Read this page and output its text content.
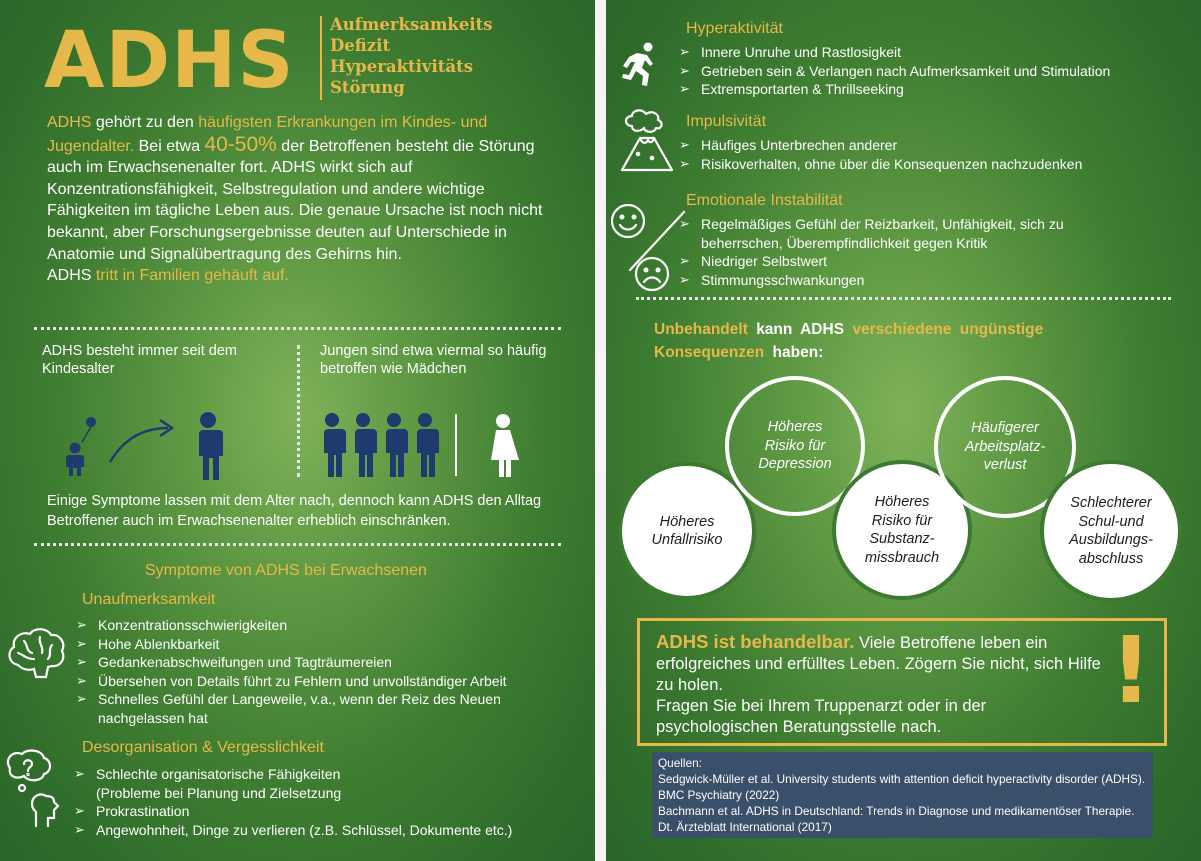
ADHS Aufmerksamkeits
Defizit
Hyperaktivitäts
Störung
ADHS gehört zu den häufigsten Erkrankungen im Kindes- und Jugendalter. Bei etwa 40-50% der Betroffenen besteht die Störung auch im Erwachsenenalter fort. ADHS wirkt sich auf Konzentrationsfähigkeit, Selbstregulation und andere wichtige Fähigkeiten im tägliche Leben aus. Die genaue Ursache ist noch nicht bekannt, aber Forschungsergebnisse deuten auf Unterschiede in Anatomie und Signalübertragung des Gehirns hin.
ADHS tritt in Familien gehäuft auf.
ADHS besteht immer seit dem Kindesalter
Jungen sind etwa viermal so häufig betroffen wie Mädchen
Einige Symptome lassen mit dem Alter nach, dennoch kann ADHS den Alltag Betroffener auch im Erwachsenenalter erheblich einschränken.
Symptome von ADHS bei Erwachsenen
Unaufmerksamkeit
➢ Konzentrationsschwierigkeiten
➢ Hohe Ablenkbarkeit
➢ Gedankenabschweifungen und Tagträumereien
➢ Übersehen von Details führt zu Fehlern und unvollständiger Arbeit
➢ Schnelles Gefühl der Langeweile, v.a., wenn der Reiz des Neuen nachgelassen hat
Desorganisation & Vergesslichkeit
➢ Schlechte organisatorische Fähigkeiten (Probleme bei Planung und Zielsetzung
➢ Prokrastination
➢ Angewohnheit, Dinge zu verlieren (z.B. Schlüssel, Dokumente etc.)
Hyperaktivität
➢ Innere Unruhe und Rastlosigkeit
➢ Getrieben sein & Verlangen nach Aufmerksamkeit und Stimulation
➢ Extremsportarten & Thrillseeking
Impulsivität
➢ Häufiges Unterbrechen anderer
➢ Risikoverhalten, ohne über die Konsequenzen nachzudenken
Emotionale Instabilität
➢ Regelmäßiges Gefühl der Reizbarkeit, Unfähigkeit, sich zu beherrschen, Überempfindlichkeit gegen Kritik
➢ Niedriger Selbstwert
➢ Stimmungsschwankungen
Unbehandelt kann ADHS verschiedene ungünstige Konsequenzen haben:
Höheres Unfallrisiko
Höheres Risiko für Depression
Höheres Risiko für Substanz-missbrauch
Häufigerer Arbeitsplatz-verlust
Schlechterer Schul-und Ausbildungs-abschluss
ADHS ist behandelbar. Viele Betroffene leben ein erfolgreiches und erfülltes Leben. Zögern Sie nicht, sich Hilfe zu holen.
Fragen Sie bei Ihrem Truppenarzt oder in der psychologischen Beratungsstelle nach.
!
Quellen:
Sedgwick-Müller et al. University students with attention deficit hyperactivity disorder (ADHS). BMC Psychiatry (2022)
Bachmann et al. ADHS in Deutschland: Trends in Diagnose und medikamentöser Therapie. Dt. Ärzteblatt International (2017)
